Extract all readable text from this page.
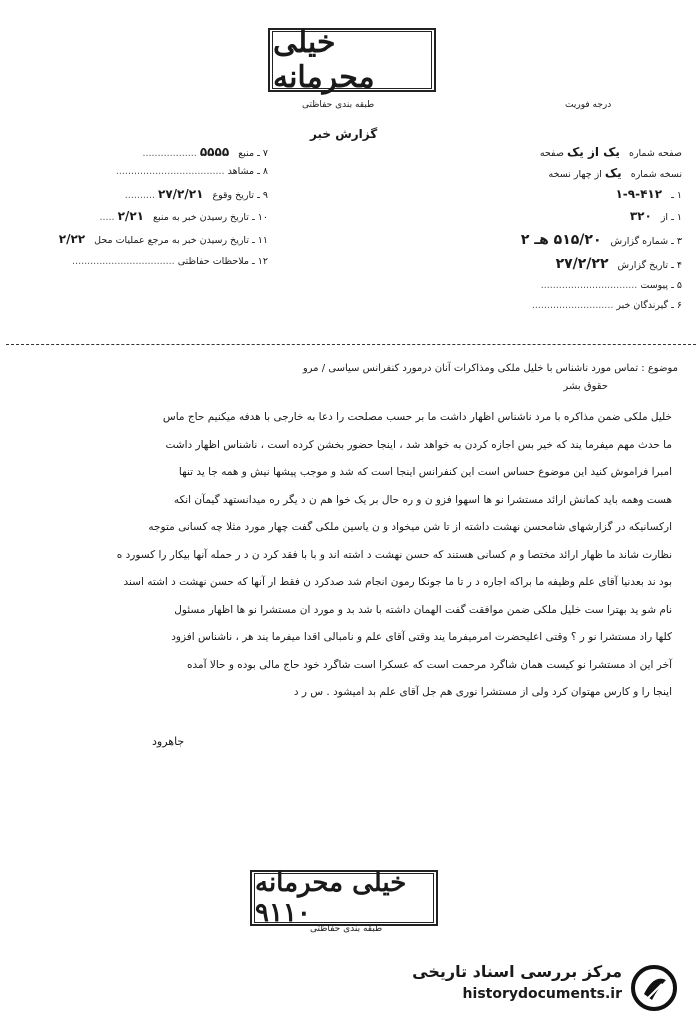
خیلی محرمانه
طبقه بندی حفاظتی	درجه فوریت
گزارش خبر
صفحه شماره یک از یک صفحه
نسخه شماره یک از چهار نسخه
۱ ـ ۴۱۲-۹-۱
۱ ـ از ۳۲۰
۳ ـ شماره گزارش ۵۱۵/۲۰ هـ ۲
۴ ـ تاریخ گزارش ۲۷/۲/۲۲
۵ ـ پیوست ................................
۶ ـ گیرندگان خبر ...........................
۷ ـ منبع ۵۵۵۵ ..................
۸ ـ مشاهد ....................................
۹ ـ تاریخ وقوع ۲۷/۲/۲۱ ..........
۱۰ ـ تاریخ رسیدن خبر به منبع ۲/۲۱ .....
۱۱ ـ تاریخ رسیدن خبر به مرجع عملیات محل ۲/۲۲
۱۲ ـ ملاحظات حفاظتی ..................................
موضوع : تماس مورد ناشناس با خلیل ملکی ومذاکرات آنان درمورد کنفرانس سیاسی / مرو
حقوق بشر

خلیل ملکی ضمن مذاکره با مرد ناشناس اظهار داشت ما بر حسب مصلحت را دعا به خارجی با هدفه میکنیم حاج ماس

ما حدث مهم میفرما یند که خیر بس اجازه کردن به خواهد شد ، اینجا حضور بخشن کرده است ، ناشناس اظهار داشت

امبرا فراموش کنید این موضوع حساس است این کنفرانس اینجا است که شد و موجب پیشها نیش و همه جا ید تنها

هست وهمه باید کمانش ارائد مستشرا نو ها اسهوا فزو ن و ره حال بر یک خوا هم ن د یگر ره میدانستهد گیمآن انکه

ارکسانیکه در گزارشهای شامحسن نهشت داشته از تا شن میخواد و ن یاسین ملکی گفت چهار مورد مثلا چه کسانی متوجه

نظارت شاند ما ظهار ارائد مختصا و م کسانی هستند که حسن نهشت د اشته اند و با با فقد کرد ن د ر حمله آنها بیکار را کسورد ه

بود ند بعدنیا آقای علم وظیفه ما براکه اجاره د ر تا ما جونکا رمون انجام شد صدکرد ن فقط ار آنها که حسن نهشت د اشته اسند

نام شو ید بهترا ست خلیل ملکی ضمن موافقت گفت الهمان داشته با شد بد و مورد ان مستشرا نو ها اظهار مسئول

کلها راد مستشرا نو ر ؟ وقتی اعلیحضرت امرمیفرما یند وقتی آقای علم و نامبالی اقدا میفرما یند هر ، ناشناس افزود

آخر این اد مستشرا نو کیست همان شاگرد مرحمت است که عسکرا است شاگرد خود حاج مالی بوده و حالا آمده

اینجا را و کارس مهتوان کرد ولی از مستشرا نوری هم جل آقای علم بد امیشود . س ر د

جاهرود
خیلی محرمانه ۹۱۱۰
طبقه بندی حفاظتی
مرکز بررسی اسناد تاریخی
historydocuments.ir
